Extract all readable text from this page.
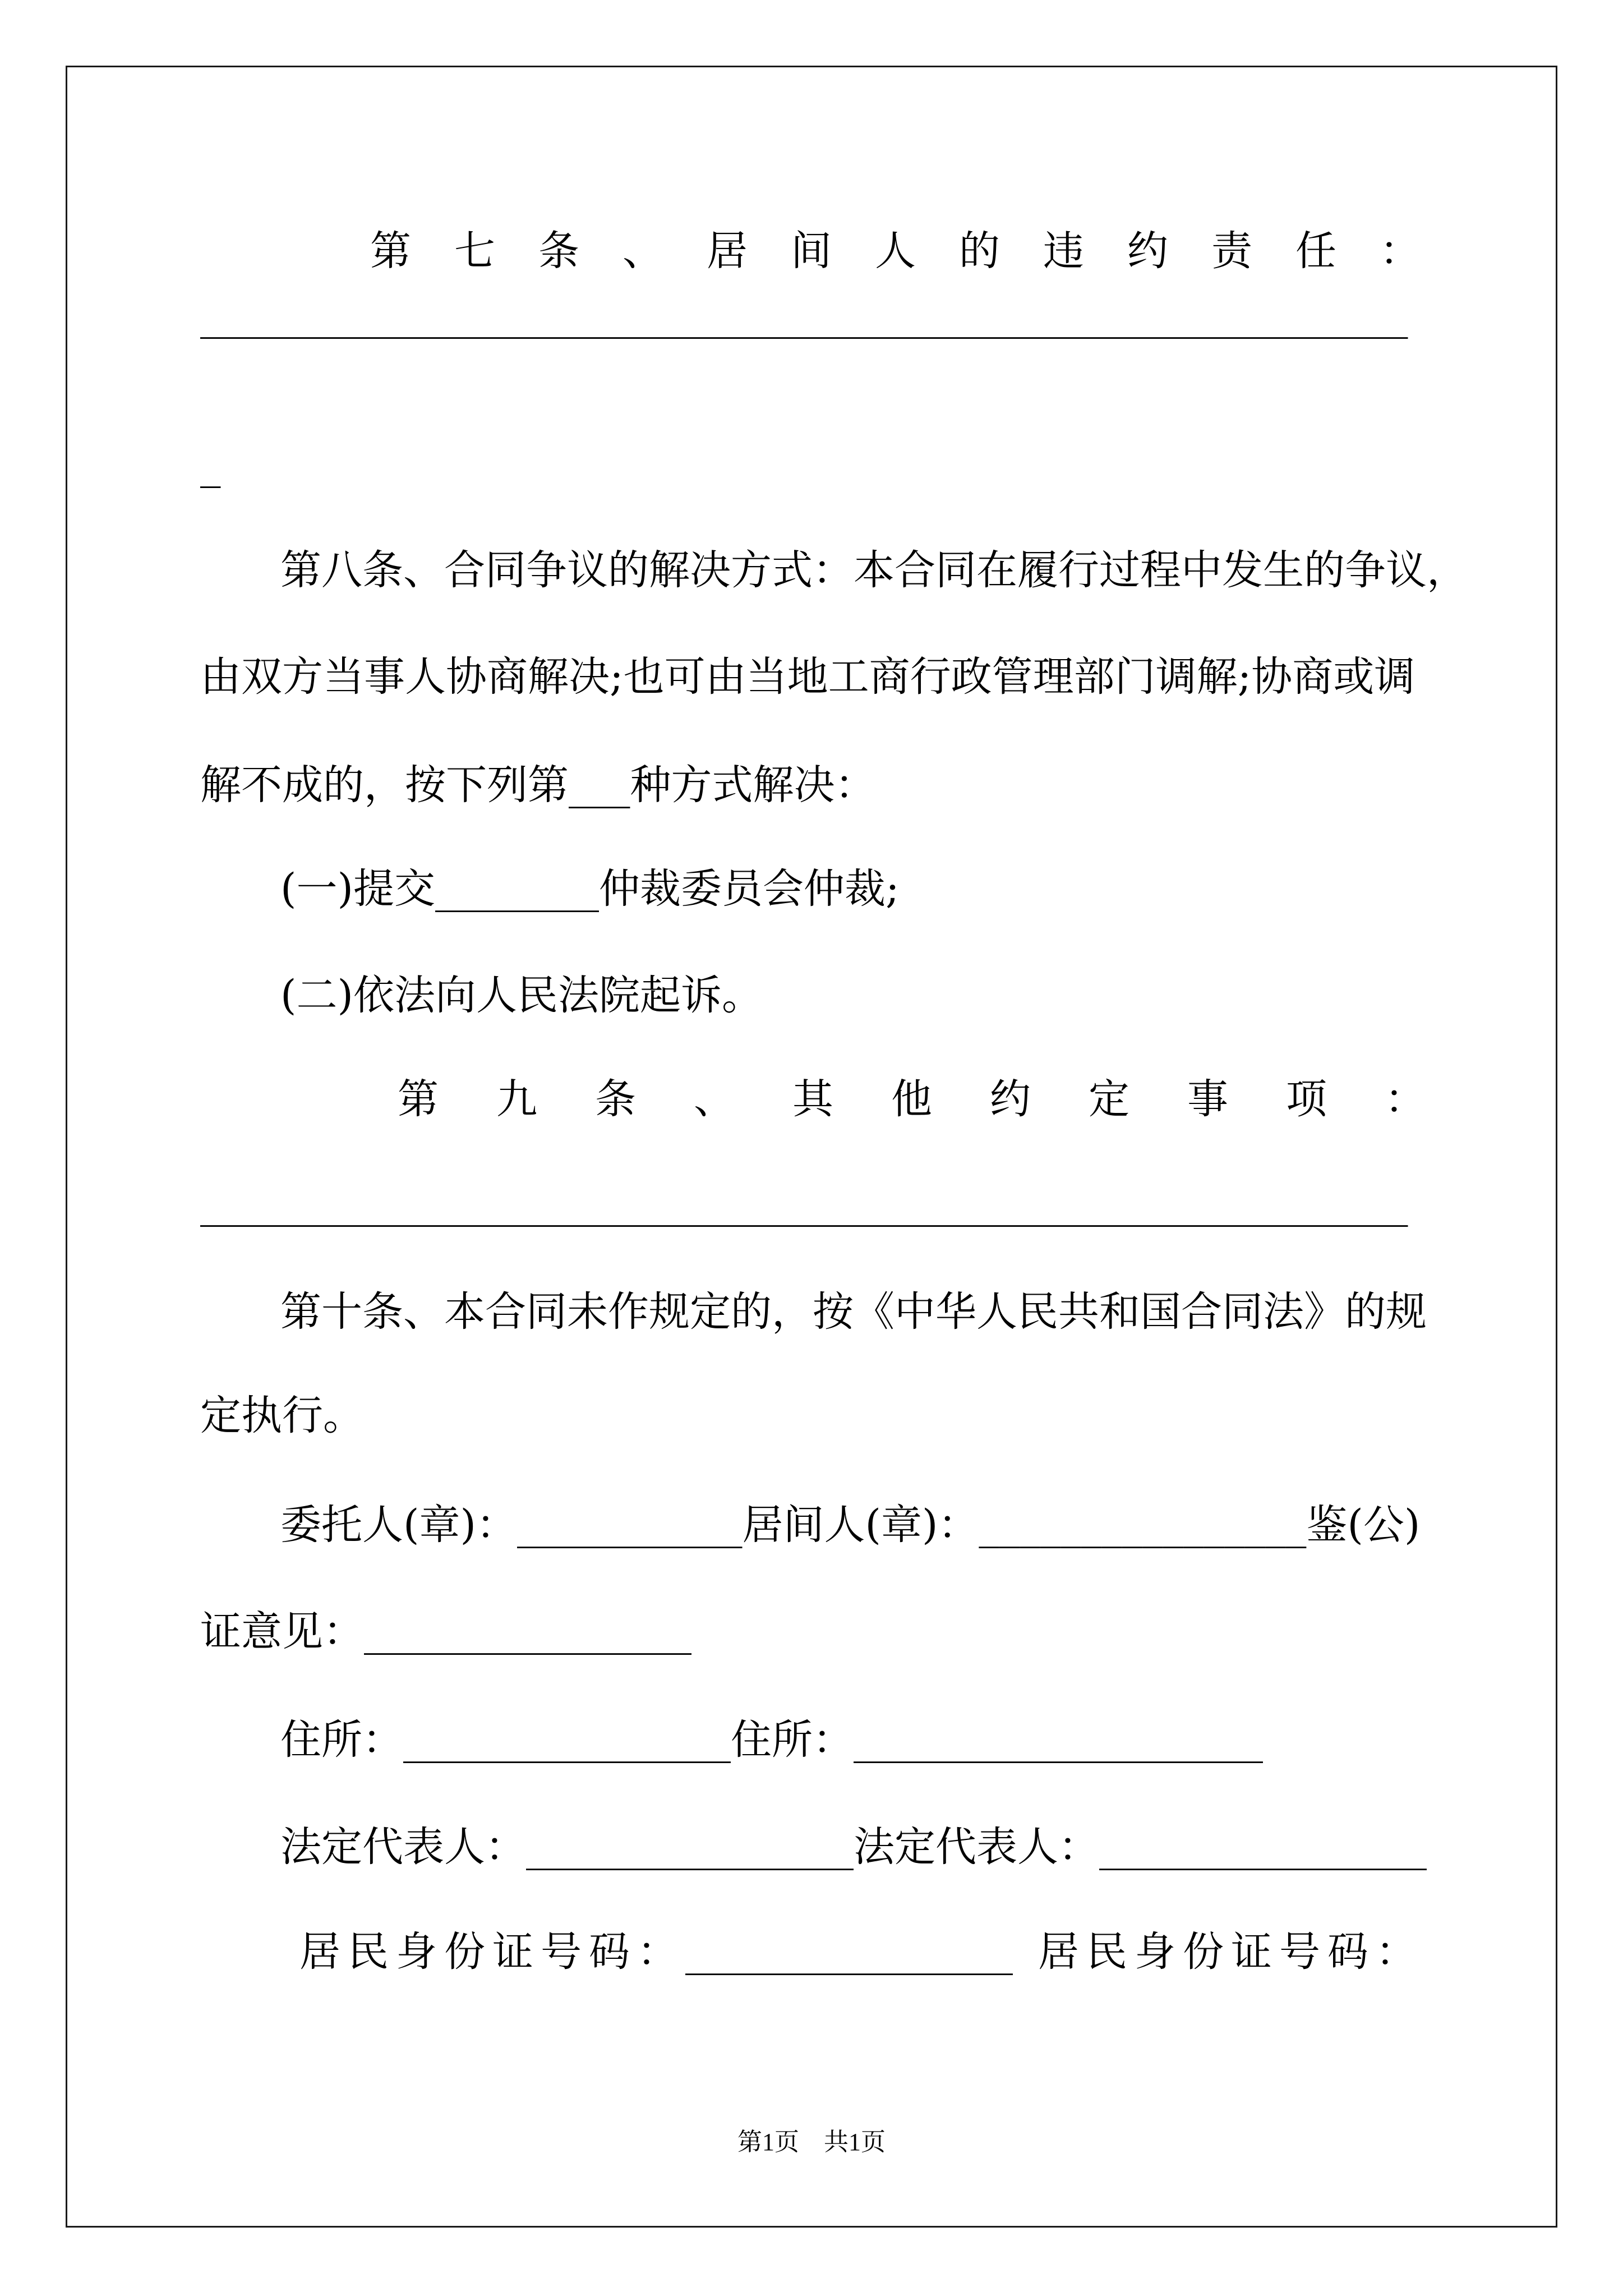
第七条、居间人的违约责任：
___________________________________________________________
_
第八条、合同争议的解决方式：本合同在履行过程中发生的争议，
由双方当事人协商解决;也可由当地工商行政管理部门调解;协商或调
解不成的，按下列第___种方式解决：
(一)提交________仲裁委员会仲裁;
(二)依法向人民法院起诉。
第九条、其他约定事项：
___________________________________________________________
第十条、本合同未作规定的，按《中华人民共和国合同法》的规
定执行。
委托人(章)：___________居间人(章)：________________鉴(公)
证意见：________________
住所：________________住所：____________________
法定代表人：________________法定代表人：________________
居民身份证号码：________________ 居民身份证号码：
第1页　共1页
